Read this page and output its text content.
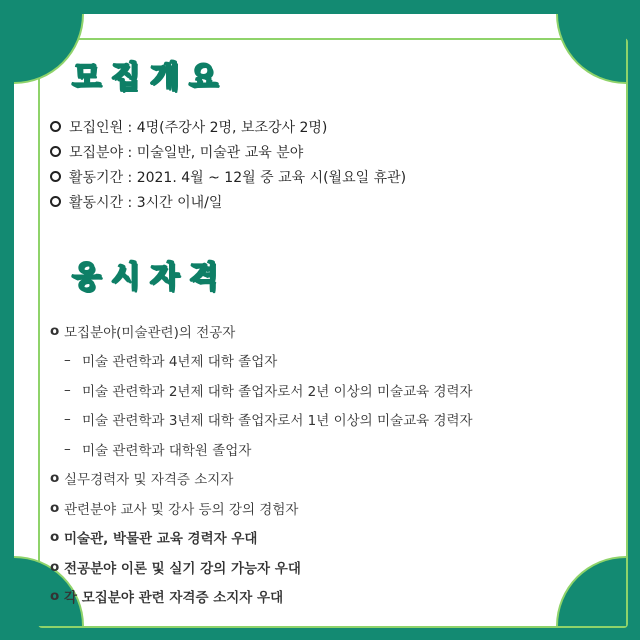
모집개요
모집인원 : 4명(주강사 2명, 보조강사 2명)
모집분야 : 미술일반, 미술관 교육 분야
활동기간 : 2021. 4월 ~ 12월 중 교육 시(월요일 휴관)
활동시간 : 3시간 이내/일
응시자격
o 모집분야(미술관련)의 전공자
– 미술 관련학과 4년제 대학 졸업자
– 미술 관련학과 2년제 대학 졸업자로서 2년 이상의 미술교육 경력자
– 미술 관련학과 3년제 대학 졸업자로서 1년 이상의 미술교육 경력자
– 미술 관련학과 대학원 졸업자
o 실무경력자 및 자격증 소지자
o 관련분야 교사 및 강사 등의 강의 경험자
o 미술관, 박물관 교육 경력자 우대
o 전공분야 이론 및 실기 강의 가능자 우대
o 각 모집분야 관련 자격증 소지자 우대
